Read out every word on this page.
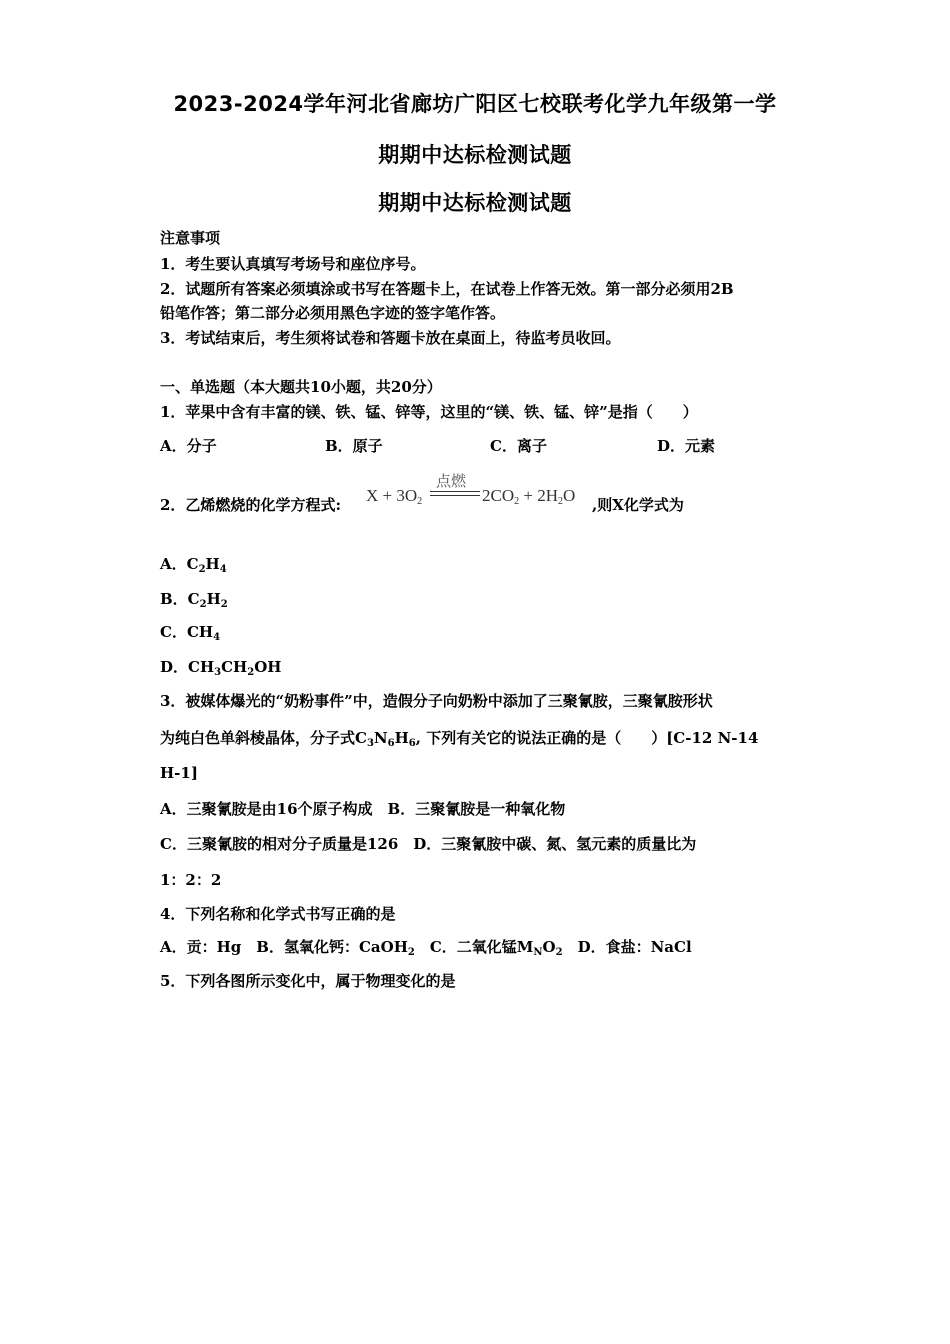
2023-2024学年河北省廊坊广阳区七校联考化学九年级第一学
期期中达标检测试题
期期中达标检测试题
注意事项
1．考生要认真填写考场号和座位序号。
2．试题所有答案必须填涂或书写在答题卡上，在试卷上作答无效。第一部分必须用2B
铅笔作答；第二部分必须用黑色字迹的签字笔作答。
3．考试结束后，考生须将试卷和答题卡放在桌面上，待监考员收回。
一、单选题（本大题共10小题，共20分）
1．苹果中含有丰富的镁、铁、锰、锌等，这里的“镁、铁、锰、锌”是指（　　）
A．分子	B．原子	C．离子	D．元素
2．乙烯燃烧的化学方程式:
点燃
$X + 3O_2$	$2CO_2 + 2H_2O$ ,则X化学式为
A．$C_2H_4$
B．$C_2H_2$
C．$CH_4$
D．$CH_3CH_2OH$
3．被媒体爆光的“奶粉事件”中，造假分子向奶粉中添加了三聚氰胺，三聚氰胺形状
为纯白色单斜棱晶体，分子式$C_3N_6H_6$, 下列有关它的说法正确的是（　　）[C-12 N-14
H-1]
A．三聚氰胺是由16个原子构成　B．三聚氰胺是一种氧化物
C．三聚氰胺的相对分子质量是126　D．三聚氰胺中碳、氮、氢元素的质量比为
1：2：2
4．下列名称和化学式书写正确的是
A．贡：Hg　B．氢氧化钙：CaOH$_2$　C．二氧化锰$M_NO_2$　D．食盐：NaCl
5．下列各图所示变化中，属于物理变化的是
